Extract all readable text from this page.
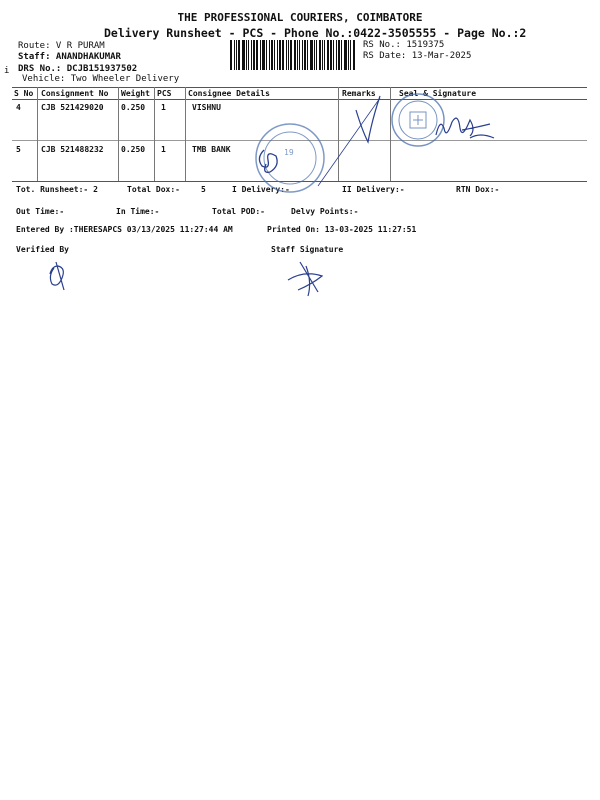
THE PROFESSIONAL COURIERS, COIMBATORE
Delivery Runsheet - PCS - Phone No.:0422-3505555 - Page No.:2
Route: V R PURAM
Staff: ANANDHAKUMAR
DRS No.: DCJB151937502
Vehicle: Two Wheeler Delivery
i
RS No.: 1519375
RS Date: 13-Mar-2025
S No Consignment No Weight PCS Consignee Details	Remarks	Seal & Signature
4	CJB 521429020 0.250 1	VISHNU
5	CJB 521488232 0.250 1	TMB BANK
Tot. Runsheet:- 2	Total Dox:-	5	I Delivery:-	II Delivery:-	RTN Dox:-
Out Time:-	In Time:-	Total POD:-	Delvy Points:-
Entered By :THERESAPCS 03/13/2025 11:27:44 AM	Printed On: 13-03-2025 11:27:51
Verified By	Staff Signature
19
